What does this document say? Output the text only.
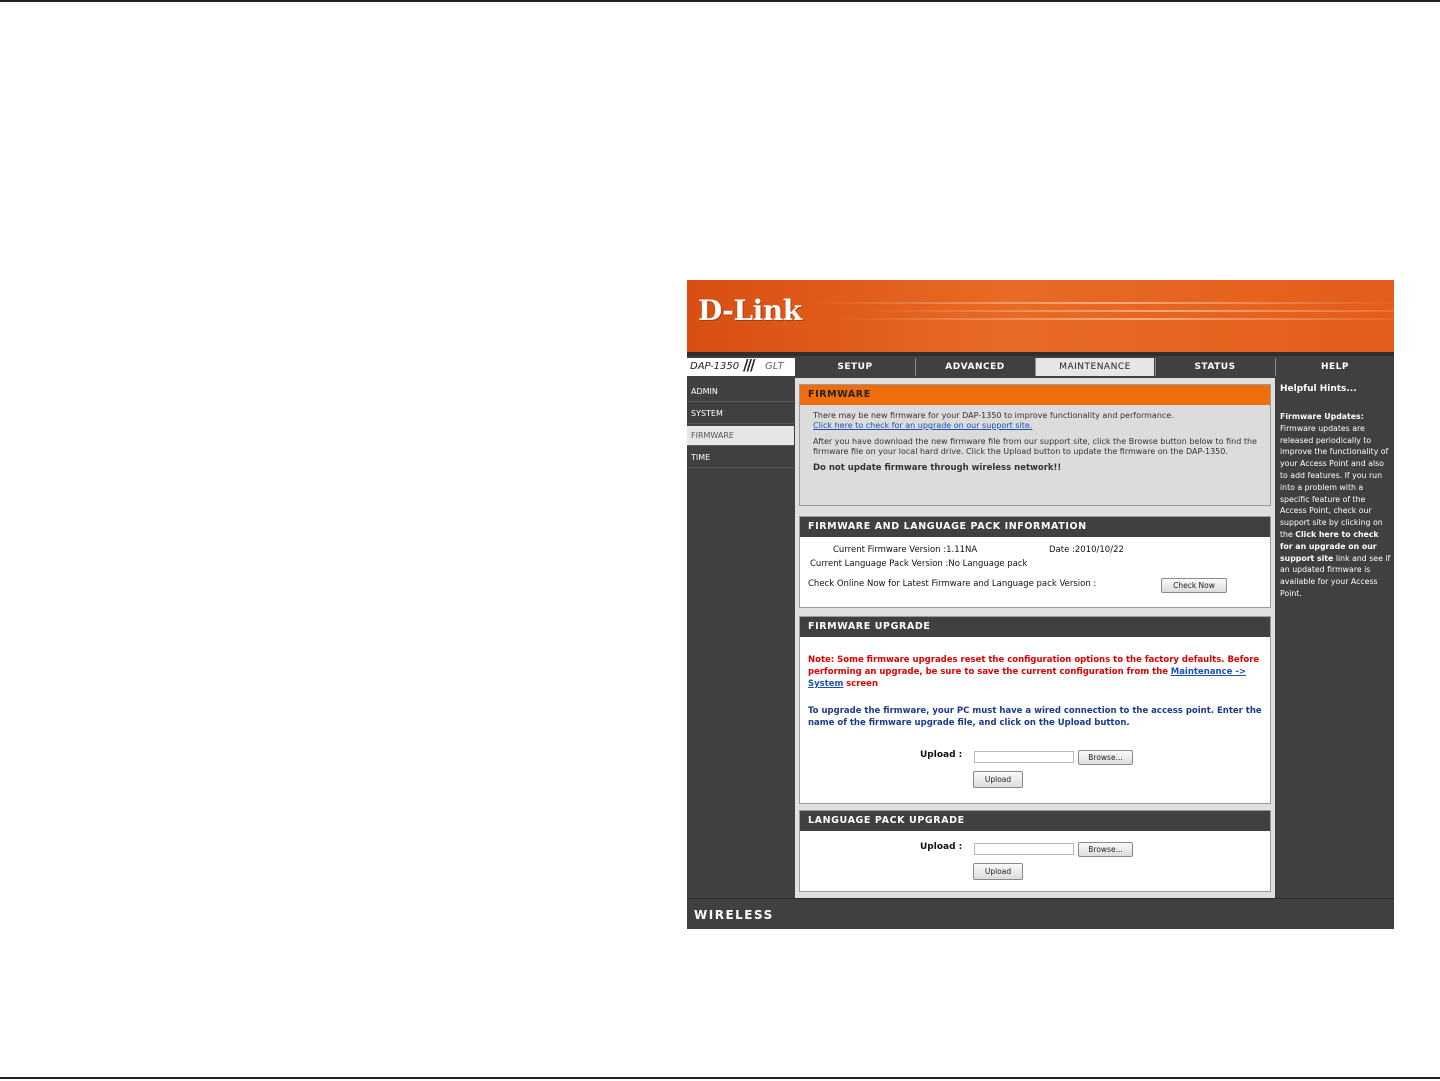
D-Link
DAP-1350 /// GLT	SETUP	ADVANCED	MAINTENANCE	STATUS	HELP
ADMIN
SYSTEM
FIRMWARE
TIME
FIRMWARE

There may be new firmware for your DAP-1350 to improve functionality and performance.

Click here to check for an upgrade on our support site.

After you have download the new firmware file from our support site, click the Browse button below to find the firmware file on your local hard drive. Click the Upload button to update the firmware on the DAP-1350.

Do not update firmware through wireless network!!

FIRMWARE AND LANGUAGE PACK INFORMATION
Current Firmware Version :1.11NA	Date :2010/10/22
Current Language Pack Version :No Language pack
Check Online Now for Latest Firmware and Language pack Version :	Check Now
FIRMWARE UPGRADE
Note: Some firmware upgrades reset the configuration options to the factory defaults. Before performing an upgrade, be sure to save the current configuration from the Maintenance -> System screen
To upgrade the firmware, your PC must have a wired connection to the access point. Enter the name of the firmware upgrade file, and click on the Upload button.
Upload :	Browse...
Upload
LANGUAGE PACK UPGRADE
Upload :	Browse...
Upload
Helpful Hints...
Firmware Updates: Firmware updates are released periodically to improve the functionality of your Access Point and also to add features. If you run into a problem with a specific feature of the Access Point, check our support site by clicking on the Click here to check for an upgrade on our support site link and see if an updated firmware is available for your Access Point.
WIRELESS
